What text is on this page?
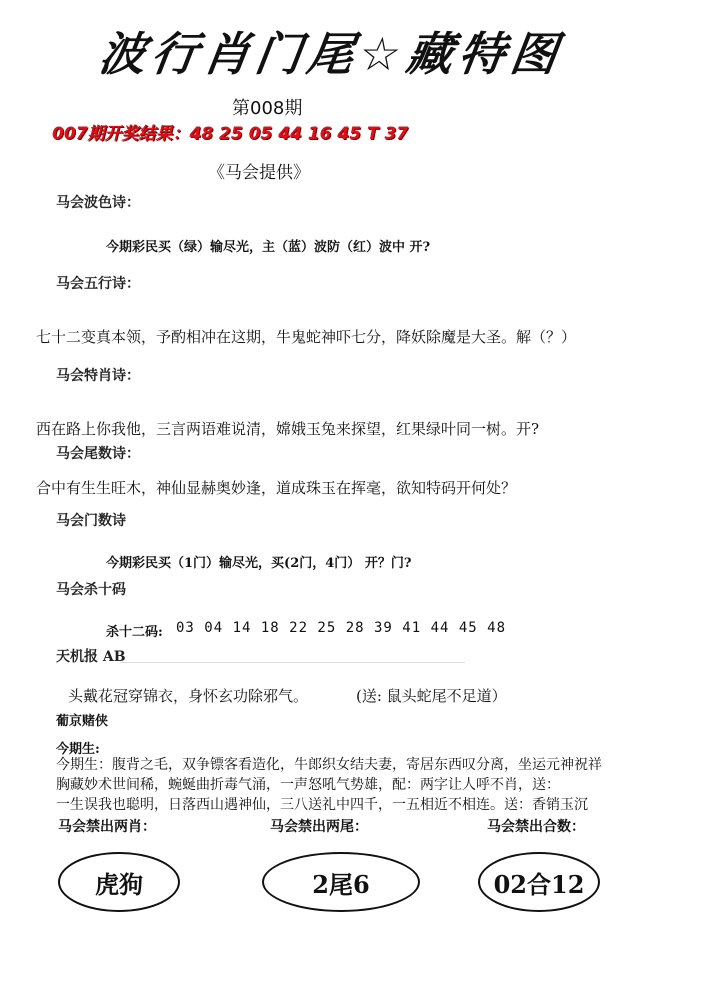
波行肖门尾☆藏特图
第008期
007期开奖结果：48 25 05 44 16 45 T 37
《马会提供》
马会波色诗：
今期彩民买（绿）输尽光，主（蓝）波防（红）波中 开?
马会五行诗：
七十二变真本领，予酌相冲在这期，牛鬼蛇神吓七分，降妖除魔是大圣。解（？）
马会特肖诗：
西在路上你我他，三言两语难说清，嫦娥玉兔来探望，红果绿叶同一树。开?
马会尾数诗：
合中有生生旺木，神仙显赫奥妙逢，道成珠玉在挥毫，欲知特码开何处？
马会门数诗
今期彩民买（1门）输尽光，买(2门，4门） 开？门?
马会杀十码
杀十二码: 03 04 14 18 22 25 28 39 41 44 45 48
天机报 AB
头戴花冠穿锦衣，身怀玄功除邪气。	(送: 鼠头蛇尾不足道）
葡京赌侠
今期生:
今期生：腹背之毛，双争镖客看造化，牛郎织女结夫妻，寄居东西叹分离，坐运元神祝祥
胸藏妙术世间稀，蜿蜒曲折毒气涌，一声怒吼气势雄，配：两字让人呼不肖，送：
一生误我也聪明，日落西山遇神仙，三八送礼中四千，一五相近不相连。送：香销玉沉
马会禁出两肖：	马会禁出两尾：	马会禁出合数：
虎狗	2尾6	02合12
